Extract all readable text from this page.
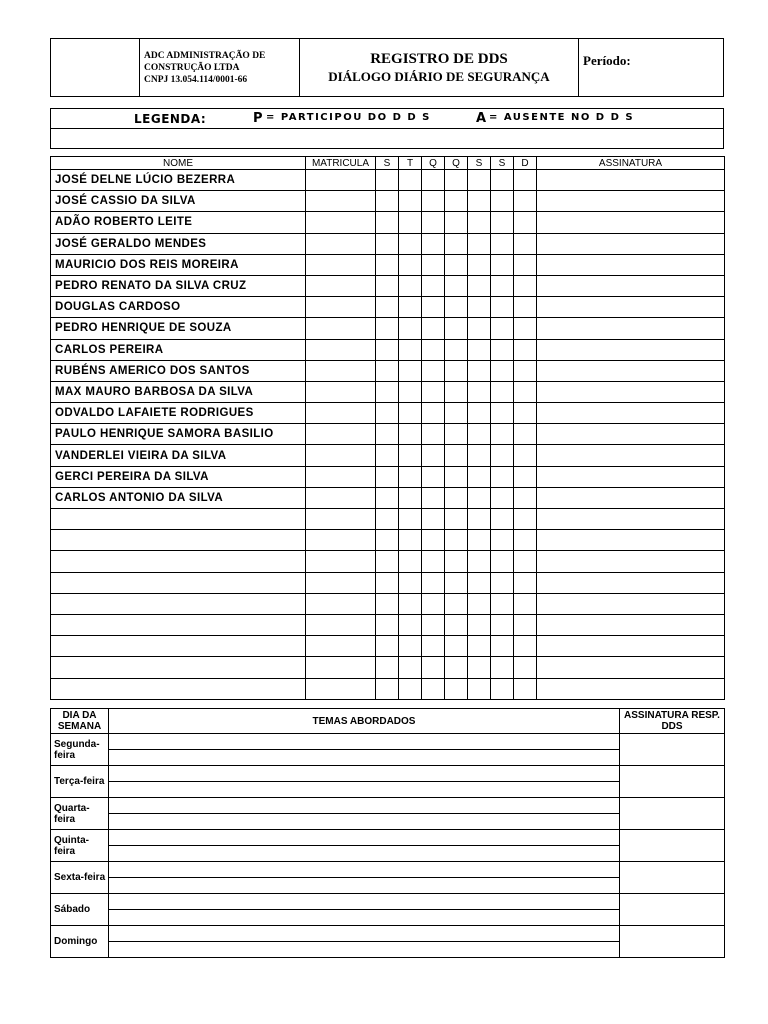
ADC ADMINISTRAÇÃO DE
CONSTRUÇÃO LTDA
CNPJ 13.054.114/0001-66

REGISTRO DE DDS
DIÁLOGO DIÁRIO DE SEGURANÇA
	Período:
LEGENDA:	P = PARTICIPOU DO D D S	A = AUSENTE NO D D S

NOME	MATRICULA	S	T	Q	Q	S	S	D	ASSINATURA
JOSÉ DELNE LÚCIO BEZERRA									
JOSÉ CASSIO DA SILVA									
ADÃO ROBERTO LEITE									
JOSÉ GERALDO MENDES									
MAURICIO DOS REIS MOREIRA									
PEDRO RENATO DA SILVA CRUZ									
DOUGLAS CARDOSO									
PEDRO HENRIQUE DE SOUZA									
CARLOS PEREIRA									
RUBÉNS AMERICO DOS SANTOS									
MAX MAURO BARBOSA DA SILVA									
ODVALDO LAFAIETE RODRIGUES									
PAULO HENRIQUE SAMORA BASILIO									
VANDERLEI VIEIRA DA SILVA									
GERCI PEREIRA DA SILVA									
CARLOS ANTONIO DA SILVA									

DIA DA SEMANA	TEMAS ABORDADOS	ASSINATURA RESP. DDS
Segunda-feira		

Terça-feira		

Quarta-feira		

Quinta-feira		

Sexta-feira		

Sábado		

Domingo		
